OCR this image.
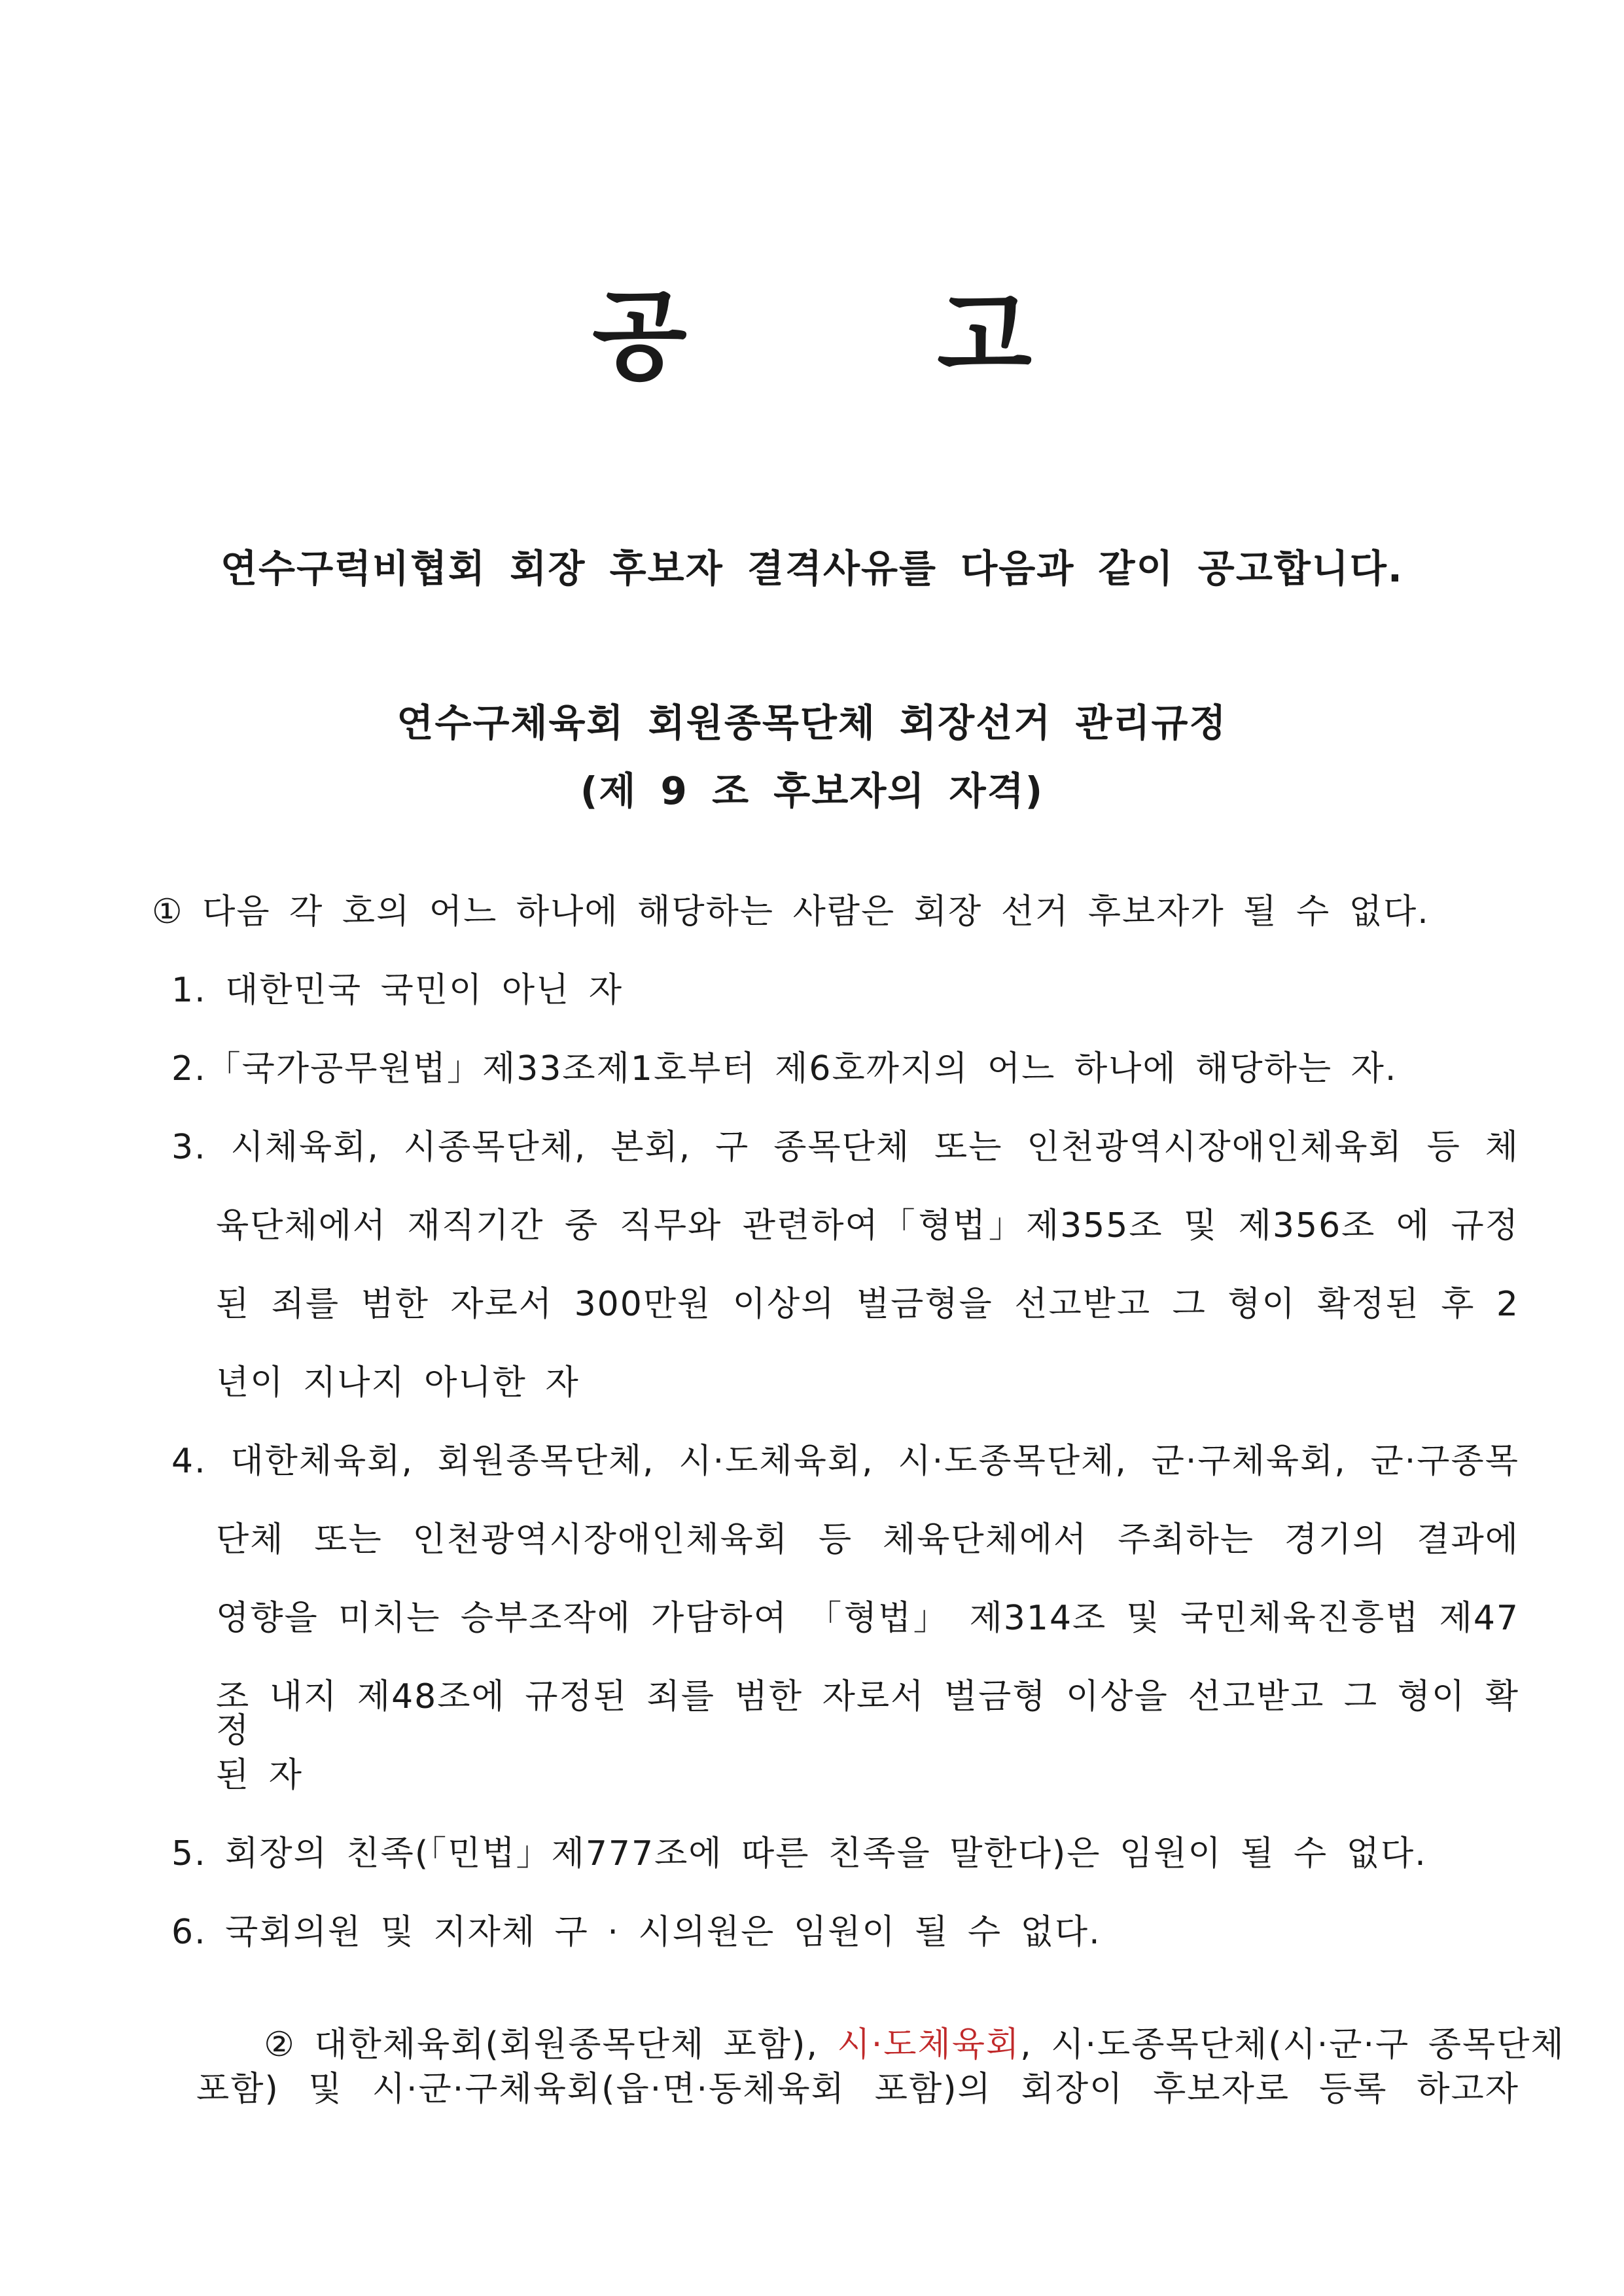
공 고
연수구럭비협회 회장 후보자 결격사유를 다음과 같이 공고합니다.
연수구체육회 회원종목단체 회장선거 관리규정
(제 9 조 후보자의 자격)
① 다음 각 호의 어느 하나에 해당하는 사람은 회장 선거 후보자가 될 수 없다.
1. 대한민국 국민이 아닌 자
2.「국가공무원법」제33조제1호부터 제6호까지의 어느 하나에 해당하는 자.
3. 시체육회, 시종목단체, 본회, 구 종목단체 또는 인천광역시장애인체육회 등 체
육단체에서 재직기간 중 직무와 관련하여「형법」제355조 및 제356조 에 규정
된 죄를 범한 자로서 300만원 이상의 벌금형을 선고받고 그 형이 확정된 후 2
년이 지나지 아니한 자
4. 대한체육회, 회원종목단체, 시·도체육회, 시·도종목단체, 군·구체육회, 군·구종목
단체 또는 인천광역시장애인체육회 등 체육단체에서 주최하는 경기의 결과에
영향을 미치는 승부조작에 가담하여 「형법」 제314조 및 국민체육진흥법 제47
조 내지 제48조에 규정된 죄를 범한 자로서 벌금형 이상을 선고받고 그 형이 확정
된 자
5. 회장의 친족(「민법」제777조에 따른 친족을 말한다)은 임원이 될 수 없다.
6. 국회의원 및 지자체 구 · 시의원은 임원이 될 수 없다.

② 대한체육회(회원종목단체 포함), 시·도체육회, 시·도종목단체(시·군·구 종목단체

포함) 및 시·군·구체육회(읍·면·동체육회 포함)의 회장이 후보자로 등록 하고자
